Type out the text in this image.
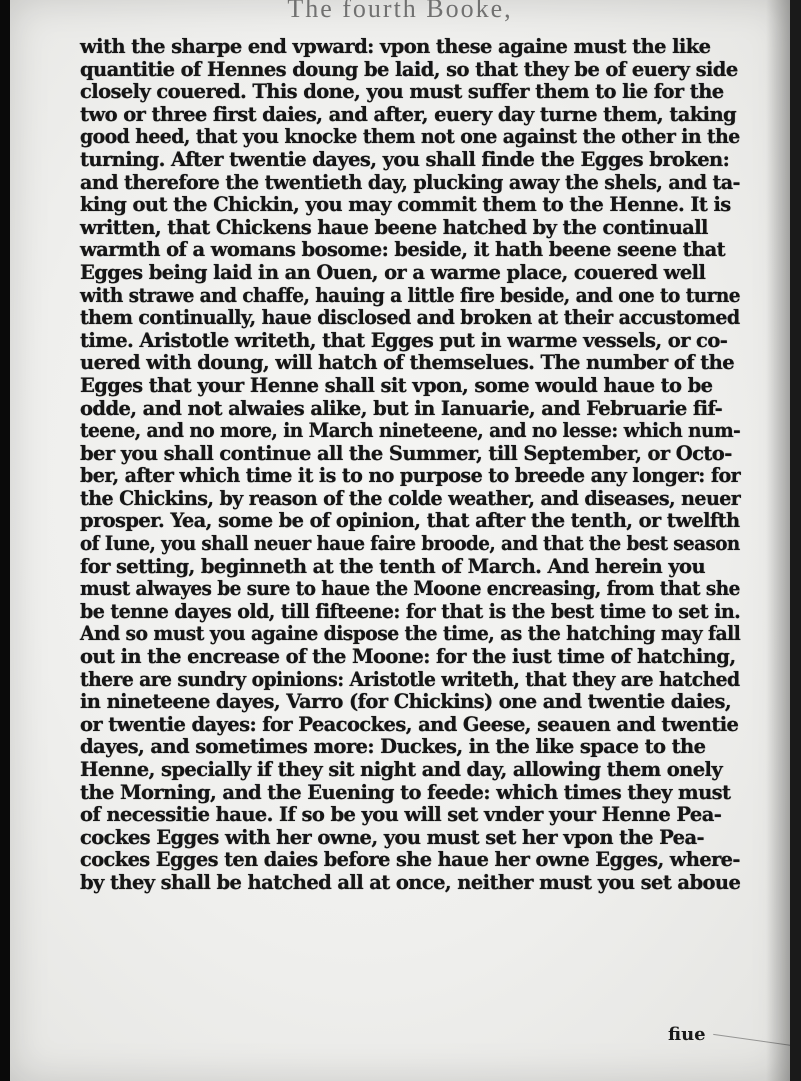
The fourth Booke,
with the sharpe end vpward: vpon these againe must the like
quantitie of Hennes doung be laid, so that they be of euery side
closely couered. This done, you must suffer them to lie for the
two or three first daies, and after, euery day turne them, taking
good heed, that you knocke them not one against the other in the
turning. After twentie dayes, you shall finde the Egges broken:
and therefore the twentieth day, plucking away the shels, and ta-
king out the Chickin, you may commit them to the Henne. It is
written, that Chickens haue beene hatched by the continuall
warmth of a womans bosome: beside, it hath beene seene that
Egges being laid in an Ouen, or a warme place, couered well
with strawe and chaffe, hauing a little fire beside, and one to turne
them continually, haue disclosed and broken at their accustomed
time. Aristotle writeth, that Egges put in warme vessels, or co-
uered with doung, will hatch of themselues. The number of the
Egges that your Henne shall sit vpon, some would haue to be
odde, and not alwaies alike, but in Ianuarie, and Februarie fif-
teene, and no more, in March nineteene, and no lesse: which num-
ber you shall continue all the Summer, till September, or Octo-
ber, after which time it is to no purpose to breede any longer: for
the Chickins, by reason of the colde weather, and diseases, neuer
prosper. Yea, some be of opinion, that after the tenth, or twelfth
of Iune, you shall neuer haue faire broode, and that the best season
for setting, beginneth at the tenth of March. And herein you
must alwayes be sure to haue the Moone encreasing, from that she
be tenne dayes old, till fifteene: for that is the best time to set in.
And so must you againe dispose the time, as the hatching may fall
out in the encrease of the Moone: for the iust time of hatching,
there are sundry opinions: Aristotle writeth, that they are hatched
in nineteene dayes, Varro (for Chickins) one and twentie daies,
or twentie dayes: for Peacockes, and Geese, seauen and twentie
dayes, and sometimes more: Duckes, in the like space to the
Henne, specially if they sit night and day, allowing them onely
the Morning, and the Euening to feede: which times they must
of necessitie haue. If so be you will set vnder your Henne Pea-
cockes Egges with her owne, you must set her vpon the Pea-
cockes Egges ten daies before she haue her owne Egges, where-
by they shall be hatched all at once, neither must you set aboue
fiue
